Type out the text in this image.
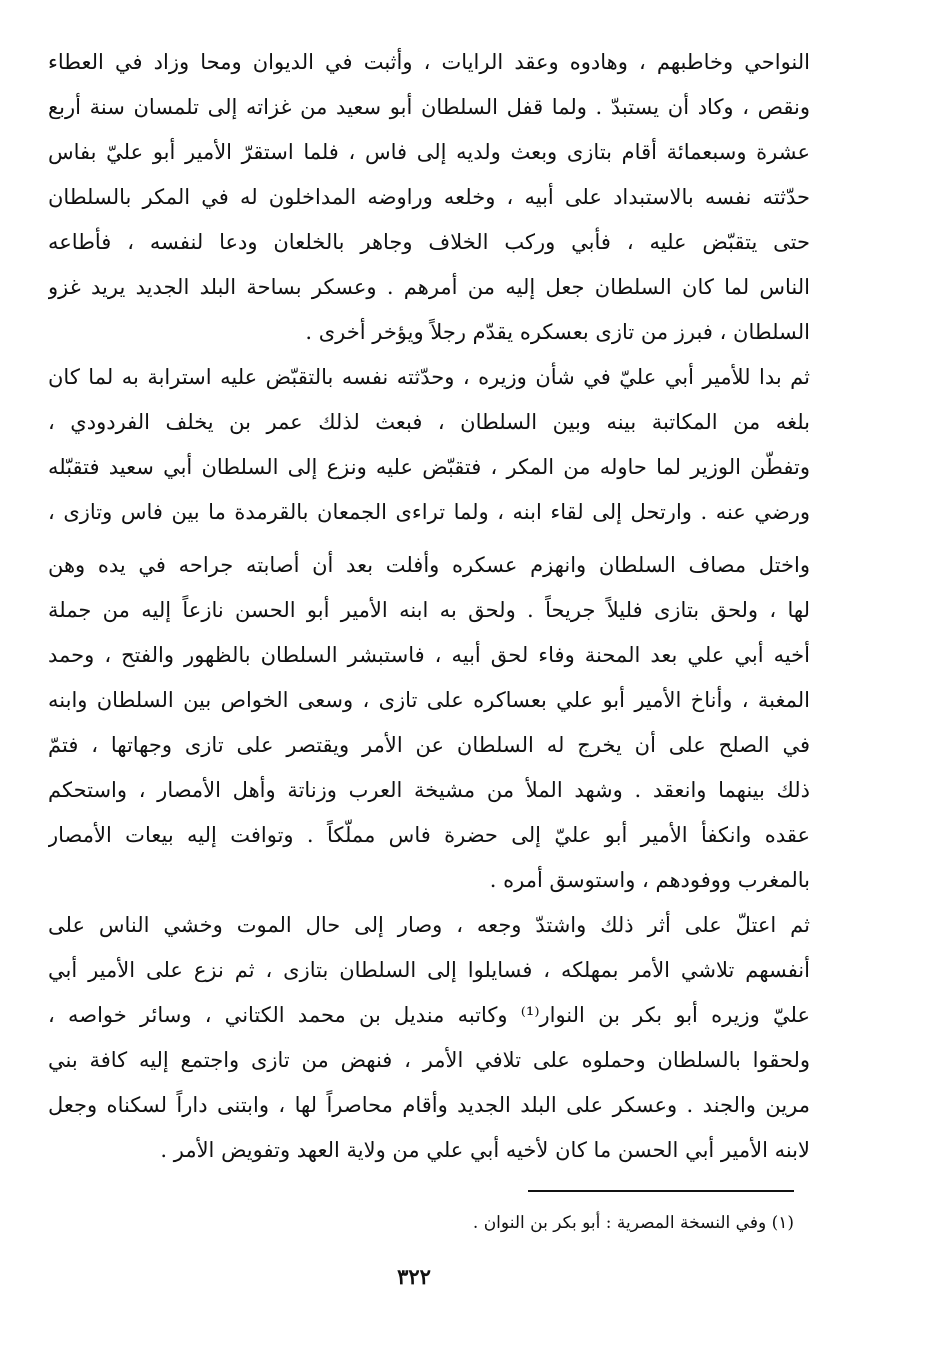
النواحي وخاطبهم ، وهادوه وعقد الرايات ، وأثبت في الديوان ومحا وزاد في العطاء
ونقص ، وكاد أن يستبدّ . ولما قفل السلطان أبو سعيد من غزاته إلى تلمسان سنة أربع
عشرة وسبعمائة أقام بتازى وبعث ولديه إلى فاس ، فلما استقرّ الأمير أبو عليّ بفاس
حدّثته نفسه بالاستبداد على أبيه ، وخلعه وراوضه المداخلون له في المكر بالسلطان
حتى يتقبّض عليه ، فأبي وركب الخلاف وجاهر بالخلعان ودعا لنفسه ، فأطاعه
الناس لما كان السلطان جعل إليه من أمرهم . وعسكر بساحة البلد الجديد يريد غزو
السلطان ، فبرز من تازى بعسكره يقدّم رجلاً ويؤخر أخرى .
ثم بدا للأمير أبي عليّ في شأن وزيره ، وحدّثته نفسه بالتقبّض عليه استرابة به لما كان
بلغه من المكاتبة بينه وبين السلطان ، فبعث لذلك عمر بن يخلف الفردودي ،
وتفطّن الوزير لما حاوله من المكر ، فتقبّض عليه ونزع إلى السلطان أبي سعيد فتقبّله
ورضي عنه . وارتحل إلى لقاء ابنه ، ولما تراءى الجمعان بالقرمدة ما بين فاس وتازى ،
واختل مصاف السلطان وانهزم عسكره وأفلت بعد أن أصابته جراحه في يده وهن
لها ، ولحق بتازى فليلاً جريحاً . ولحق به ابنه الأمير أبو الحسن نازعاً إليه من جملة
أخيه أبي علي بعد المحنة وفاء لحق أبيه ، فاستبشر السلطان بالظهور والفتح ، وحمد
المغبة ، وأناخ الأمير أبو علي بعساكره على تازى ، وسعى الخواص بين السلطان وابنه
في الصلح على أن يخرج له السلطان عن الأمر ويقتصر على تازى وجهاتها ، فتمّ
ذلك بينهما وانعقد . وشهد الملأ من مشيخة العرب وزناتة وأهل الأمصار ، واستحكم
عقده وانكفأ الأمير أبو عليّ إلى حضرة فاس مملّكاً . وتوافت إليه بيعات الأمصار
بالمغرب ووفودهم ، واستوسق أمره .
ثم اعتلّ على أثر ذلك واشتدّ وجعه ، وصار إلى حال الموت وخشي الناس على
أنفسهم تلاشي الأمر بمهلكه ، فسايلوا إلى السلطان بتازى ، ثم نزع على الأمير أبي
عليّ وزيره أبو بكر بن النوار⁽¹⁾ وكاتبه منديل بن محمد الكتاني ، وسائر خواصه ،
ولحقوا بالسلطان وحملوه على تلافي الأمر ، فنهض من تازى واجتمع إليه كافة بني
مرين والجند . وعسكر على البلد الجديد وأقام محاصراً لها ، وابتنى داراً لسكناه وجعل
لابنه الأمير أبي الحسن ما كان لأخيه أبي علي من ولاية العهد وتفويض الأمر .
(١) وفي النسخة المصرية : أبو بكر بن النوان .
٣٢٢
